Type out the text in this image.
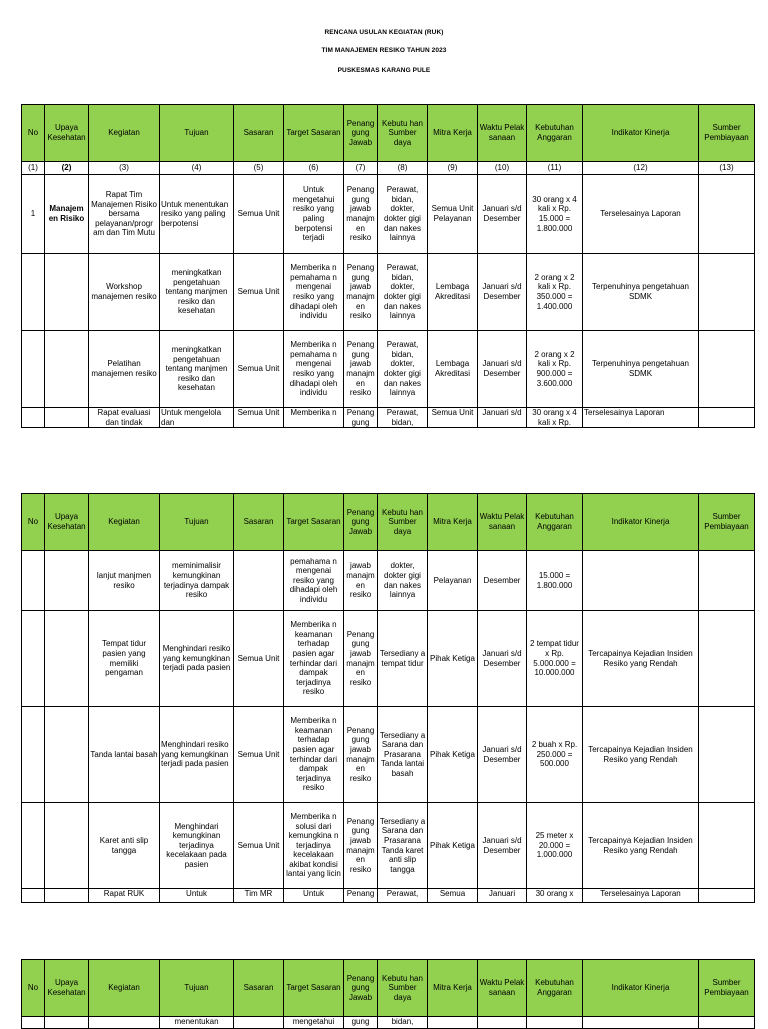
RENCANA USULAN KEGIATAN (RUK)
TIM MANAJEMEN RESIKO TAHUN 2023
PUSKESMAS KARANG PULE
No	Upaya Kesehatan	Kegiatan	Tujuan	Sasaran	Target Sasaran	Penang gung Jawab	Kebutu han Sumber daya	Mitra Kerja	Waktu Pelak sanaan	Kebutuhan Anggaran	Indikator Kinerja	Sumber Pembiayaan
(1)	(2)	(3)	(4)	(5)	(6)	(7)	(8)	(9)	(10)	(11)	(12)	(13)
1	Manajem en Risiko	Rapat Tim Manajemen Risiko bersama pelayanan/progr am dan Tim Mutu	Untuk menentukan resiko yang paling berpotensi	Semua Unit	Untuk mengetahui resiko yang paling berpotensi terjadi	Penang gung jawab manajm en resiko	Perawat, bidan, dokter, dokter gigi dan nakes lainnya	Semua Unit Pelayanan	Januari s/d Desember	30 orang x 4 kali x Rp. 15.000 = 1.800.000	Terselesainya Laporan	
		Workshop manajemen resiko	meningkatkan pengetahuan tentang manjmen resiko dan kesehatan	Semua Unit	Memberika n pemahama n mengenai resiko yang dihadapi oleh individu	Penang gung jawab manajm en resiko	Perawat, bidan, dokter, dokter gigi dan nakes lainnya	Lembaga Akreditasi	Januari s/d Desember	2 orang x 2 kali x Rp. 350.000 = 1.400.000	Terpenuhinya pengetahuan SDMK	
		Pelatihan manajemen resiko	meningkatkan pengetahuan tentang manjmen resiko dan kesehatan	Semua Unit	Memberika n pemahama n mengenai resiko yang dihadapi oleh individu	Penang gung jawab manajm en resiko	Perawat, bidan, dokter, dokter gigi dan nakes lainnya	Lembaga Akreditasi	Januari s/d Desember	2 orang x 2 kali x Rp. 900.000 = 3.600.000	Terpenuhinya pengetahuan SDMK	
		Rapat evaluasi dan tindak	Untuk mengelola dan	Semua Unit	Memberika n	Penang gung	Perawat, bidan,	Semua Unit	Januari s/d	30 orang x 4 kali x Rp.	Terselesainya Laporan	
No	Upaya Kesehatan	Kegiatan	Tujuan	Sasaran	Target Sasaran	Penang gung Jawab	Kebutu han Sumber daya	Mitra Kerja	Waktu Pelak sanaan	Kebutuhan Anggaran	Indikator Kinerja	Sumber Pembiayaan
		lanjut manjmen resiko	meminimalisir kemungkinan terjadinya dampak resiko		pemahama n mengenai resiko yang dihadapi oleh individu	jawab manajm en resiko	dokter, dokter gigi dan nakes lainnya	Pelayanan	Desember	15.000 = 1.800.000		
		Tempat tidur pasien yang memiliki pengaman	Menghindari resiko yang kemungkinan terjadi pada pasien	Semua Unit	Memberika n keamanan terhadap pasien agar terhindar dari dampak terjadinya resiko	Penang gung jawab manajm en resiko	Tersediany a tempat tidur	Pihak Ketiga	Januari s/d Desember	2 tempat tidur x Rp. 5.000.000 = 10.000.000	Tercapainya Kejadian Insiden Resiko yang Rendah	
		Tanda lantai basah	Menghindari resiko yang kemungkinan terjadi pada pasien	Semua Unit	Memberika n keamanan terhadap pasien agar terhindar dari dampak terjadinya resiko	Penang gung jawab manajm en resiko	Tersediany a Sarana dan Prasarana Tanda lantai basah	Pihak Ketiga	Januari s/d Desember	2 buah x Rp. 250.000 = 500.000	Tercapainya Kejadian Insiden Resiko yang Rendah	
		Karet anti slip tangga	Menghindari kemungkinan terjadinya kecelakaan pada pasien	Semua Unit	Memberika n solusi dari kemungkina n terjadinya kecelakaan akibat kondisi lantai yang licin	Penang gung jawab manajm en resiko	Tersediany a Sarana dan Prasarana Tanda karet anti slip tangga	Pihak Ketiga	Januari s/d Desember	25 meter x 20.000 = 1.000.000	Tercapainya Kejadian Insiden Resiko yang Rendah	
		Rapat RUK	Untuk	Tim MR	Untuk	Penang	Perawat,	Semua	Januari	30 orang x	Terselesainya Laporan	
No	Upaya Kesehatan	Kegiatan	Tujuan	Sasaran	Target Sasaran	Penang gung Jawab	Kebutu han Sumber daya	Mitra Kerja	Waktu Pelak sanaan	Kebutuhan Anggaran	Indikator Kinerja	Sumber Pembiayaan
			menentukan		mengetahui	gung	bidan,					
